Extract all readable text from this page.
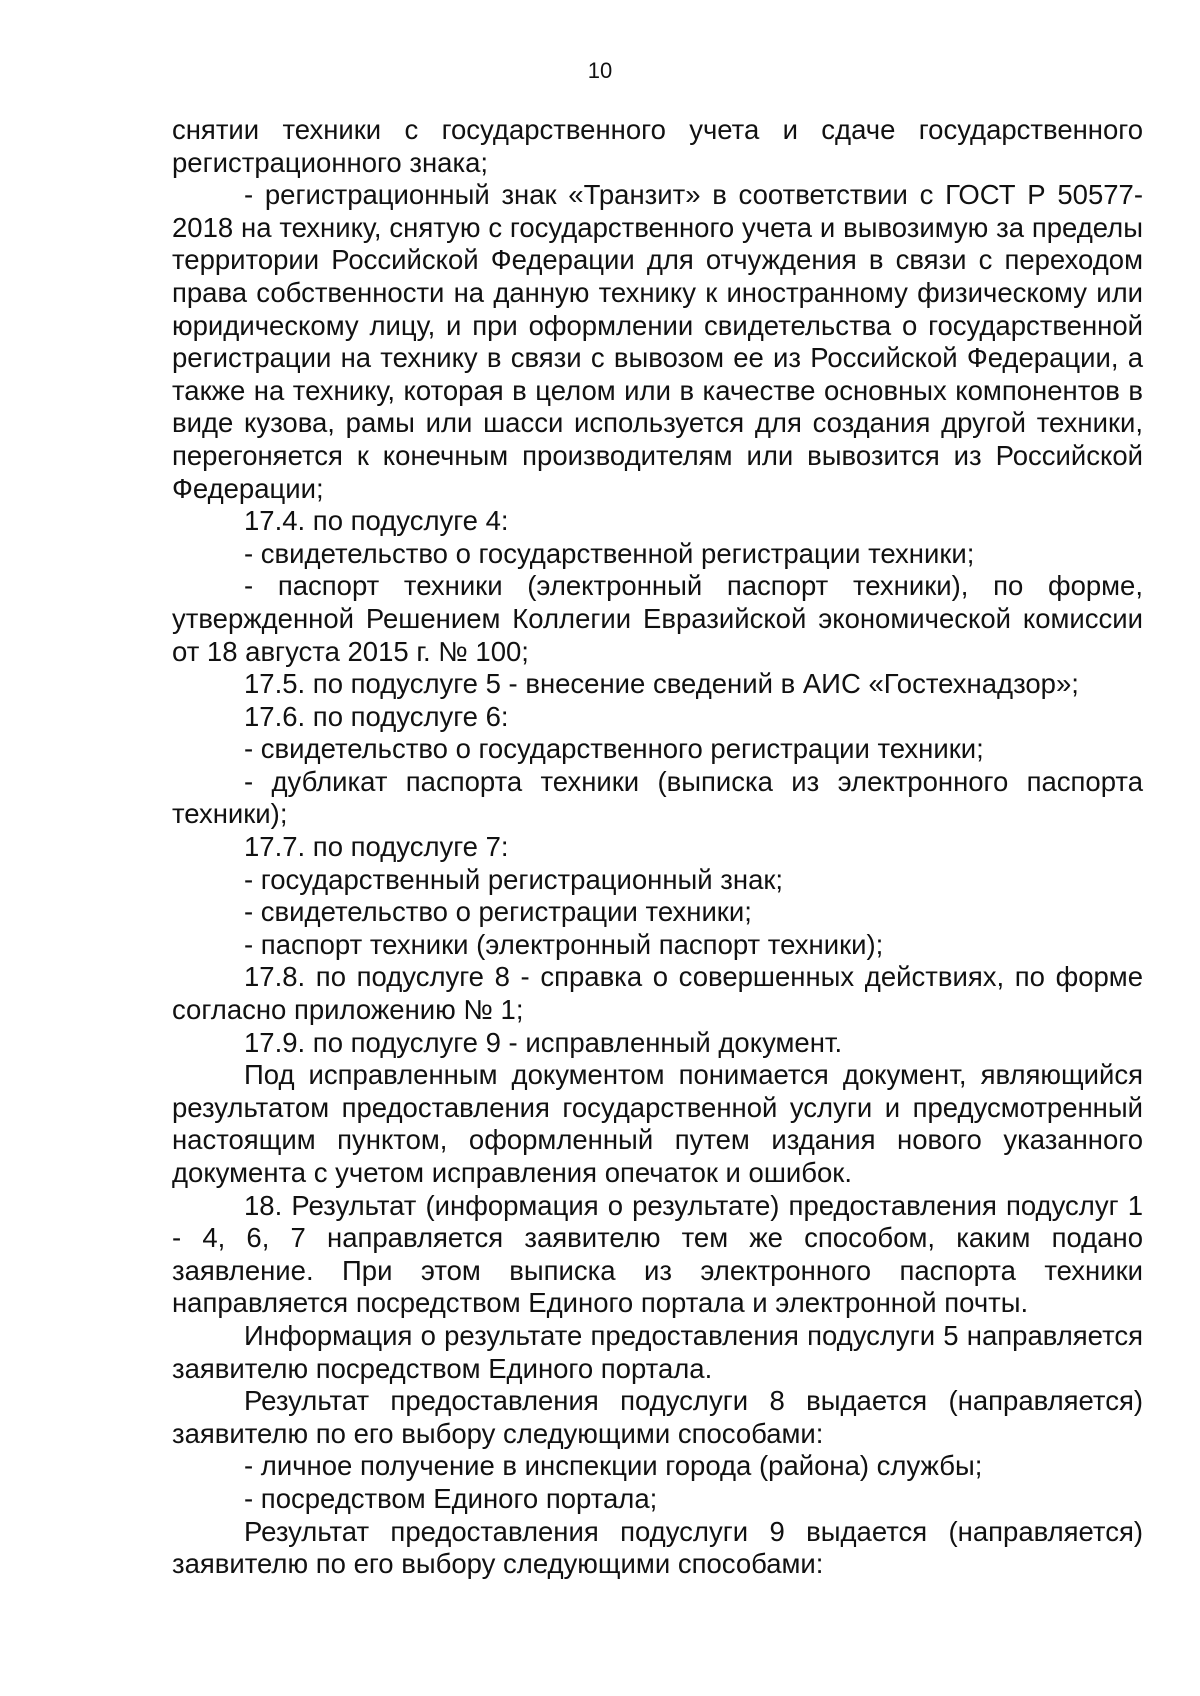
10

снятии техники с государственного учета и сдаче государственного регистрационного знака;

- регистрационный знак «Транзит» в соответствии с ГОСТ Р 50577-2018 на технику, снятую с государственного учета и вывозимую за пределы территории Российской Федерации для отчуждения в связи с переходом права собственности на данную технику к иностранному физическому или юридическому лицу, и при оформлении свидетельства о государственной регистрации на технику в связи с вывозом ее из Российской Федерации, а также на технику, которая в целом или в качестве основных компонентов в виде кузова, рамы или шасси используется для создания другой техники, перегоняется к конечным производителям или вывозится из Российской Федерации;

17.4. по подуслуге 4:

- свидетельство о государственной регистрации техники;

- паспорт техники (электронный паспорт техники), по форме, утвержденной Решением Коллегии Евразийской экономической комиссии от 18 августа 2015 г. № 100;

17.5. по подуслуге 5 - внесение сведений в АИС «Гостехнадзор»;

17.6. по подуслуге 6:

- свидетельство о государственного регистрации техники;

- дубликат паспорта техники (выписка из электронного паспорта техники);

17.7. по подуслуге 7:

- государственный регистрационный знак;

- свидетельство о регистрации техники;

- паспорт техники (электронный паспорт техники);

17.8. по подуслуге 8 - справка о совершенных действиях, по форме согласно приложению № 1;

17.9. по подуслуге 9 - исправленный документ.

Под исправленным документом понимается документ, являющийся результатом предоставления государственной услуги и предусмотренный настоящим пунктом, оформленный путем издания нового указанного документа с учетом исправления опечаток и ошибок.

18. Результат (информация о результате) предоставления подуслуг 1 - 4, 6, 7 направляется заявителю тем же способом, каким подано заявление. При этом выписка из электронного паспорта техники направляется посредством Единого портала и электронной почты.

Информация о результате предоставления подуслуги 5 направляется заявителю посредством Единого портала.

Результат предоставления подуслуги 8 выдается (направляется) заявителю по его выбору следующими способами:

- личное получение в инспекции города (района) службы;

- посредством Единого портала;

Результат предоставления подуслуги 9 выдается (направляется) заявителю по его выбору следующими способами:
